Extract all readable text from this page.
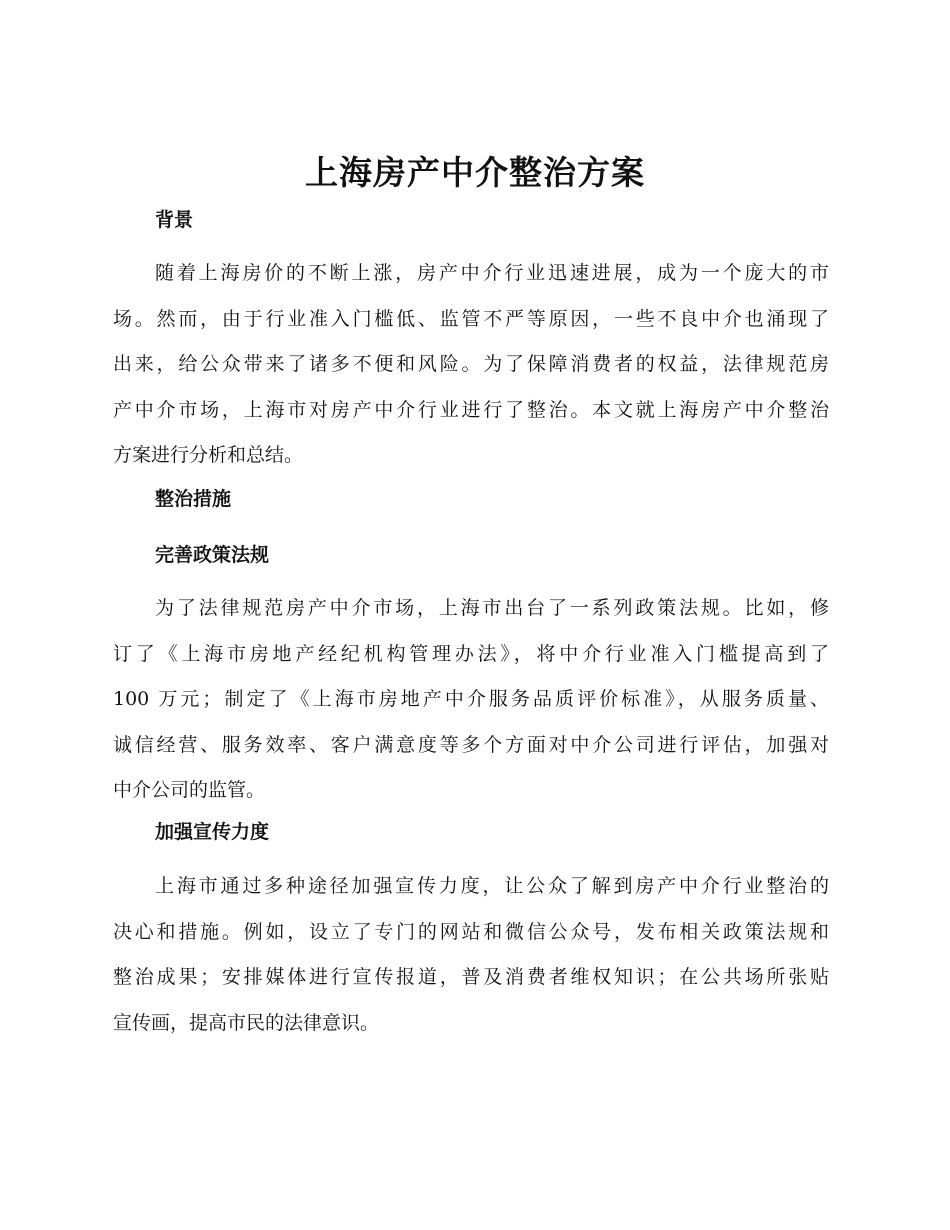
上海房产中介整治方案
背景

随着上海房价的不断上涨，房产中介行业迅速进展，成为一个庞大的市
场。然而，由于行业准入门槛低、监管不严等原因，一些不良中介也涌现了
出来，给公众带来了诸多不便和风险。为了保障消费者的权益，法律规范房
产中介市场，上海市对房产中介行业进行了整治。本文就上海房产中介整治
方案进行分析和总结。

整治措施
完善政策法规

为了法律规范房产中介市场，上海市出台了一系列政策法规。比如，修
订了《上海市房地产经纪机构管理办法》，将中介行业准入门槛提高到了
100 万元；制定了《上海市房地产中介服务品质评价标准》，从服务质量、
诚信经营、服务效率、客户满意度等多个方面对中介公司进行评估，加强对
中介公司的监管。

加强宣传力度

上海市通过多种途径加强宣传力度，让公众了解到房产中介行业整治的
决心和措施。例如，设立了专门的网站和微信公众号，发布相关政策法规和
整治成果；安排媒体进行宣传报道，普及消费者维权知识；在公共场所张贴
宣传画，提高市民的法律意识。
